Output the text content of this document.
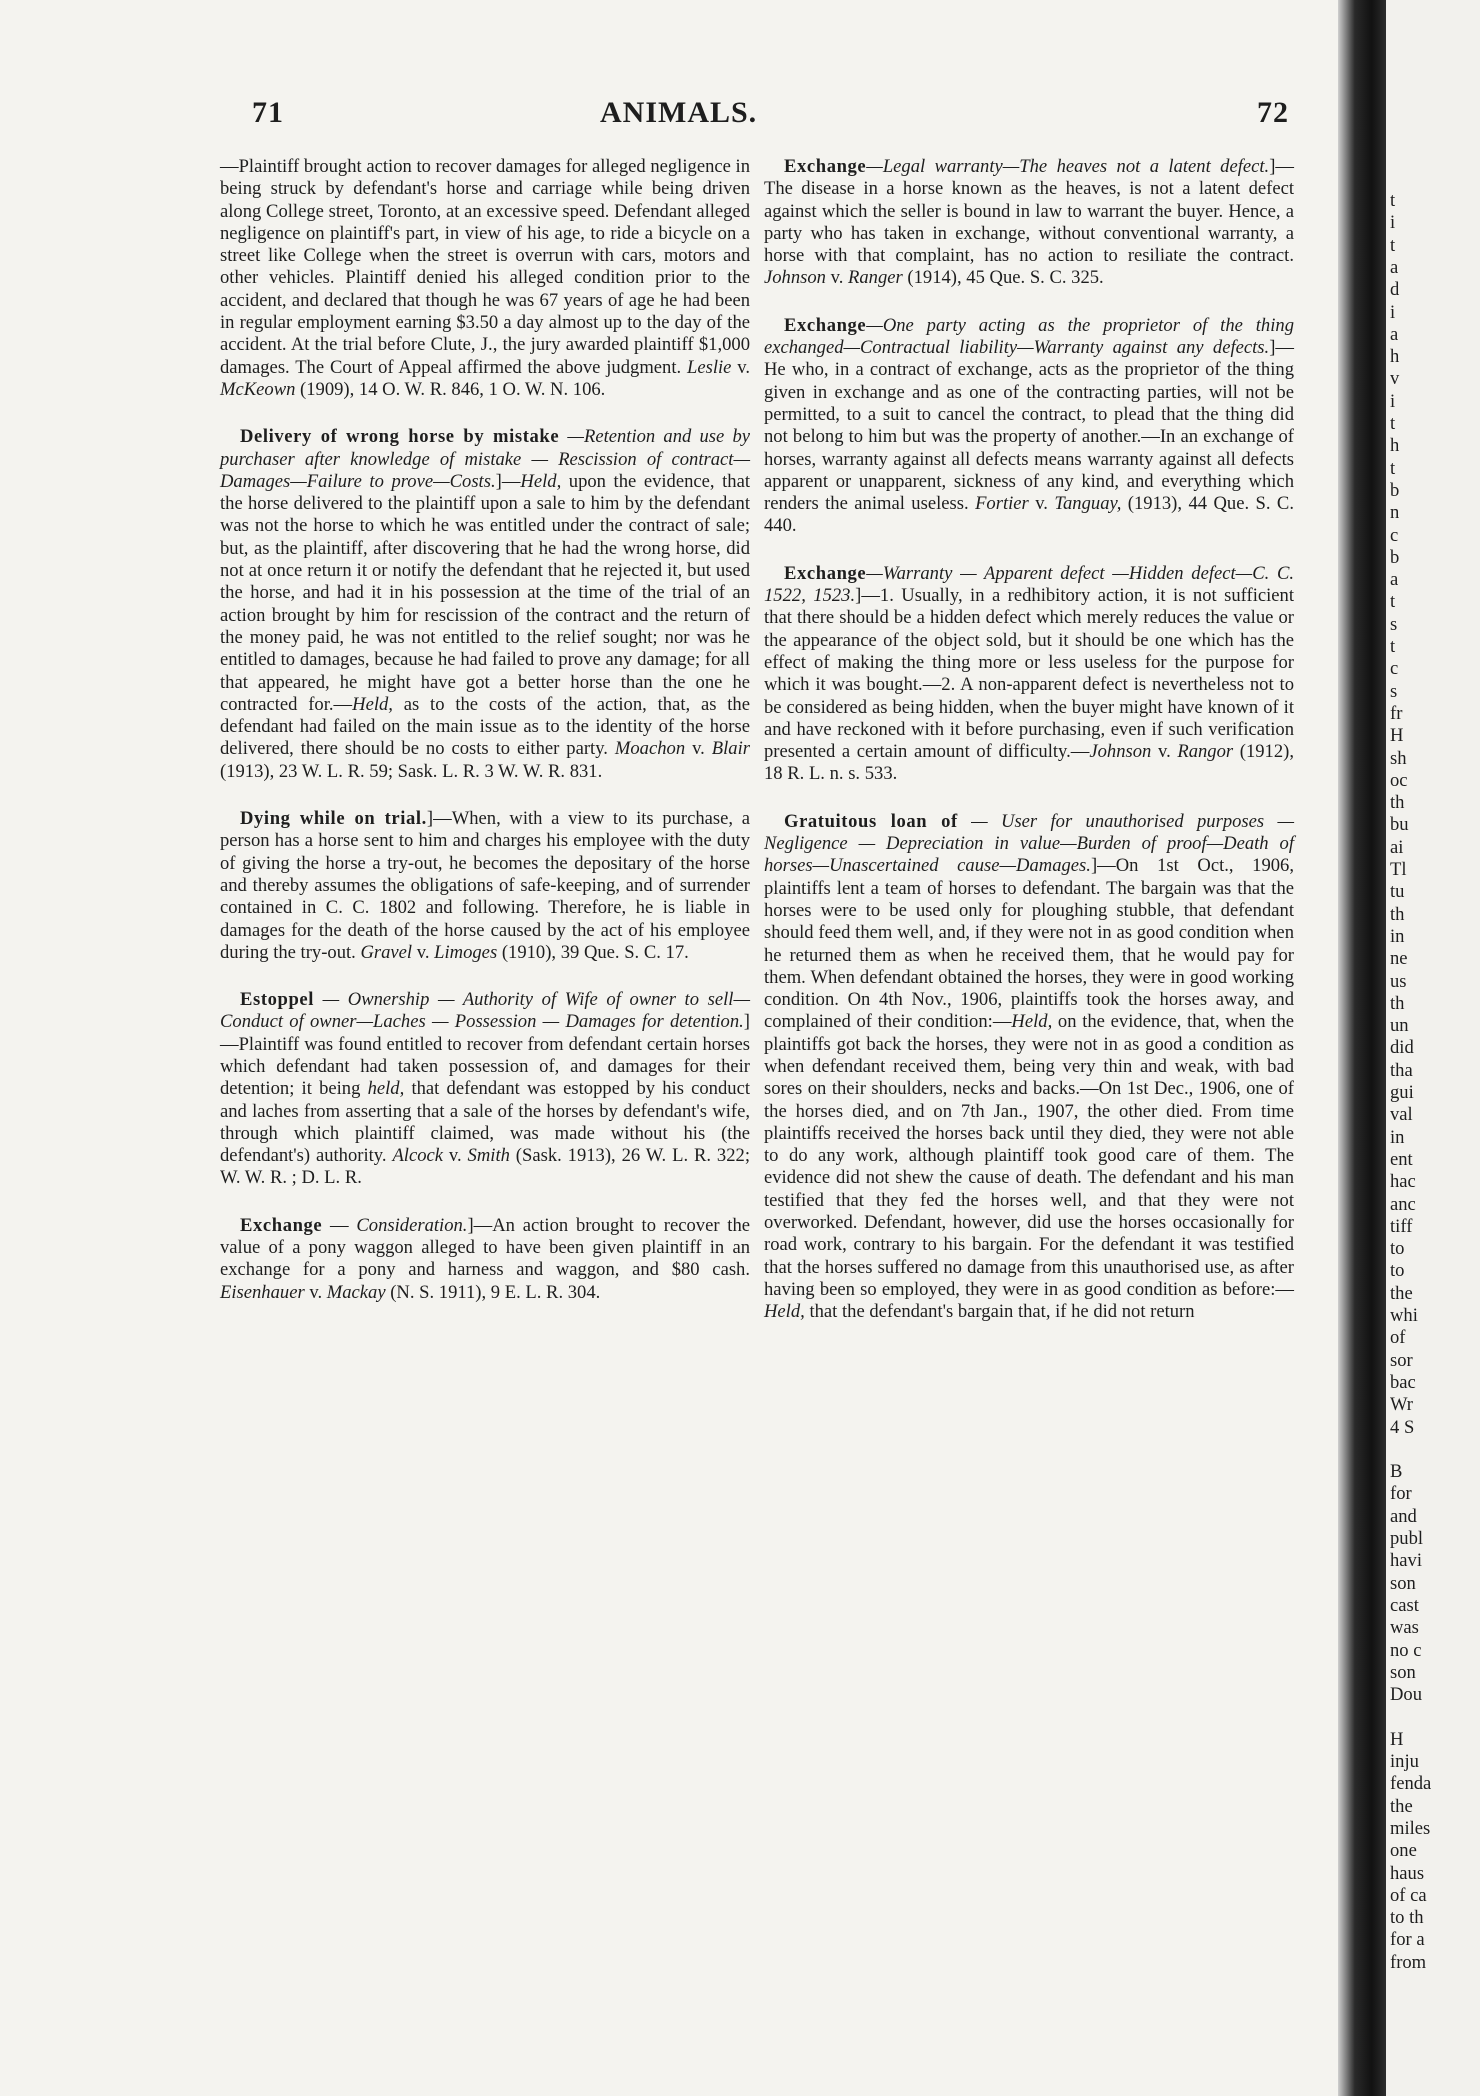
71	ANIMALS.	72

—Plaintiff brought action to recover damages for alleged negligence in being struck by defendant's horse and carriage while being driven along College street, Toronto, at an excessive speed. Defendant alleged negligence on plaintiff's part, in view of his age, to ride a bicycle on a street like College when the street is overrun with cars, motors and other vehicles. Plaintiff denied his alleged condition prior to the accident, and declared that though he was 67 years of age he had been in regular employment earning $3.50 a day almost up to the day of the accident. At the trial before Clute, J., the jury awarded plaintiff $1,000 damages. The Court of Appeal affirmed the above judgment. Leslie v. McKeown (1909), 14 O. W. R. 846, 1 O. W. N. 106.

Delivery of wrong horse by mistake —Retention and use by purchaser after knowledge of mistake — Rescission of contract—Damages—Failure to prove—Costs.]—Held, upon the evidence, that the horse delivered to the plaintiff upon a sale to him by the defendant was not the horse to which he was entitled under the contract of sale; but, as the plaintiff, after discovering that he had the wrong horse, did not at once return it or notify the defendant that he rejected it, but used the horse, and had it in his possession at the time of the trial of an action brought by him for rescission of the contract and the return of the money paid, he was not entitled to the relief sought; nor was he entitled to damages, because he had failed to prove any damage; for all that appeared, he might have got a better horse than the one he contracted for.—Held, as to the costs of the action, that, as the defendant had failed on the main issue as to the identity of the horse delivered, there should be no costs to either party. Moachon v. Blair (1913), 23 W. L. R. 59; Sask. L. R. 3 W. W. R. 831.

Dying while on trial.]—When, with a view to its purchase, a person has a horse sent to him and charges his employee with the duty of giving the horse a try-out, he becomes the depositary of the horse and thereby assumes the obligations of safe-keeping, and of surrender contained in C. C. 1802 and following. Therefore, he is liable in damages for the death of the horse caused by the act of his employee during the try-out. Gravel v. Limoges (1910), 39 Que. S. C. 17.

Estoppel — Ownership — Authority of Wife of owner to sell—Conduct of owner—Laches — Possession — Damages for detention.]—Plaintiff was found entitled to recover from defendant certain horses which defendant had taken possession of, and damages for their detention; it being held, that defendant was estopped by his conduct and laches from asserting that a sale of the horses by defendant's wife, through which plaintiff claimed, was made without his (the defendant's) authority. Alcock v. Smith (Sask. 1913), 26 W. L. R. 322; W. W. R. ; D. L. R.

Exchange — Consideration.]—An action brought to recover the value of a pony waggon alleged to have been given plaintiff in an exchange for a pony and harness and waggon, and $80 cash. Eisenhauer v. Mackay (N. S. 1911), 9 E. L. R. 304.

Exchange—Legal warranty—The heaves not a latent defect.]—The disease in a horse known as the heaves, is not a latent defect against which the seller is bound in law to warrant the buyer. Hence, a party who has taken in exchange, without conventional warranty, a horse with that complaint, has no action to resiliate the contract. Johnson v. Ranger (1914), 45 Que. S. C. 325.

Exchange—One party acting as the proprietor of the thing exchanged—Contractual liability—Warranty against any defects.]—He who, in a contract of exchange, acts as the proprietor of the thing given in exchange and as one of the contracting parties, will not be permitted, to a suit to cancel the contract, to plead that the thing did not belong to him but was the property of another.—In an exchange of horses, warranty against all defects means warranty against all defects apparent or unapparent, sickness of any kind, and everything which renders the animal useless. Fortier v. Tanguay, (1913), 44 Que. S. C. 440.

Exchange—Warranty — Apparent defect —Hidden defect—C. C. 1522, 1523.]—1. Usually, in a redhibitory action, it is not sufficient that there should be a hidden defect which merely reduces the value or the appearance of the object sold, but it should be one which has the effect of making the thing more or less useless for the purpose for which it was bought.—2. A non-apparent defect is nevertheless not to be considered as being hidden, when the buyer might have known of it and have reckoned with it before purchasing, even if such verification presented a certain amount of difficulty.—Johnson v. Rangor (1912), 18 R. L. n. s. 533.

Gratuitous loan of — User for unauthorised purposes — Negligence — Depreciation in value—Burden of proof—Death of horses—Unascertained cause—Damages.]—On 1st Oct., 1906, plaintiffs lent a team of horses to defendant. The bargain was that the horses were to be used only for ploughing stubble, that defendant should feed them well, and, if they were not in as good condition when he returned them as when he received them, that he would pay for them. When defendant obtained the horses, they were in good working condition. On 4th Nov., 1906, plaintiffs took the horses away, and complained of their condition:—Held, on the evidence, that, when the plaintiffs got back the horses, they were not in as good a condition as when defendant received them, being very thin and weak, with bad sores on their shoulders, necks and backs.—On 1st Dec., 1906, one of the horses died, and on 7th Jan., 1907, the other died. From time plaintiffs received the horses back until they died, they were not able to do any work, although plaintiff took good care of them. The evidence did not shew the cause of death. The defendant and his man testified that they fed the horses well, and that they were not overworked. Defendant, however, did use the horses occasionally for road work, contrary to his bargain. For the defendant it was testified that the horses suffered no damage from this unauthorised use, as after having been so employed, they were in as good condition as before:—Held, that the defendant's bargain that, if he did not return

t
i
t
a
d
i
a
h
v
i
t
h
t
b
n
c
b
a
t
s
t
c
s
fr
H
sh
oc
th
bu
ai
Tl
tu
th
in
ne
us
th
un
did
tha
gui
val
in
ent
hac
anc
tiff
to
to
the
whi
of
sor
bac
Wr
4 S
B
for
and
publ
havi
son
cast
was
no c
son
Dou
H
inju
fenda
the
miles
one
haus
of ca
to th
for a
from
